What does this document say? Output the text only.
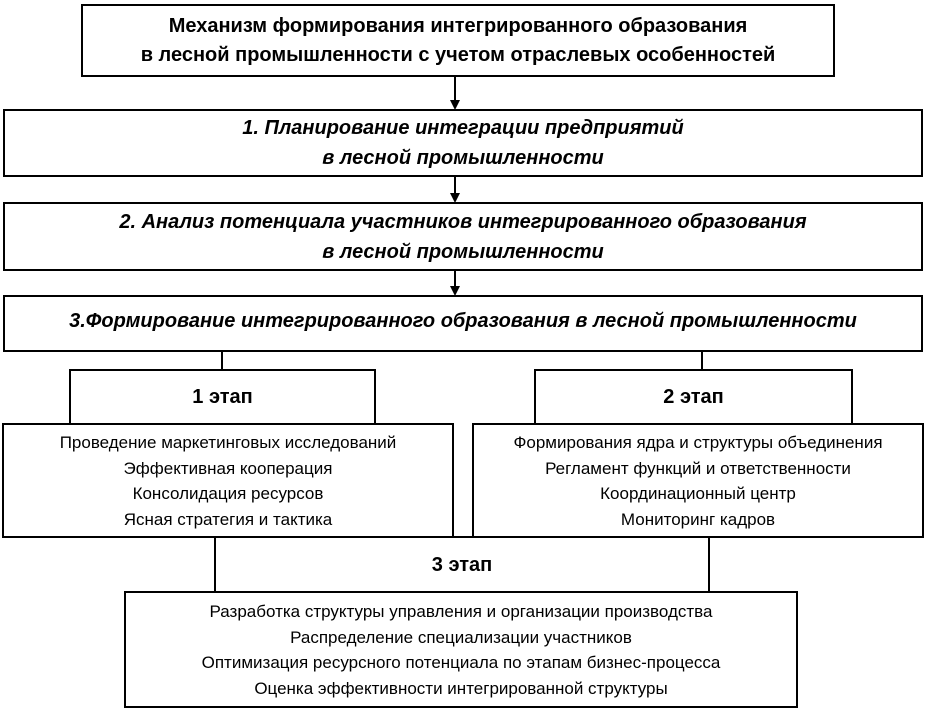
Механизм формирования интегрированного образования
в лесной промышленности с учетом отраслевых особенностей
1. Планирование интеграции предприятий
в лесной промышленности
2. Анализ потенциала участников интегрированного образования
в лесной промышленности
3.Формирование интегрированного образования в лесной промышленности
Проведение маркетинговых исследований
Эффективная кооперация
Консолидация ресурсов
Ясная стратегия и тактика
Формирования ядра и структуры объединения
Регламент функций и ответственности
Координационный центр
Мониторинг кадров
1 этап	2 этап
3 этап
Разработка структуры управления и организации производства
Распределение специализации участников
Оптимизация ресурсного потенциала по этапам бизнес-процесса
Оценка эффективности интегрированной структуры
